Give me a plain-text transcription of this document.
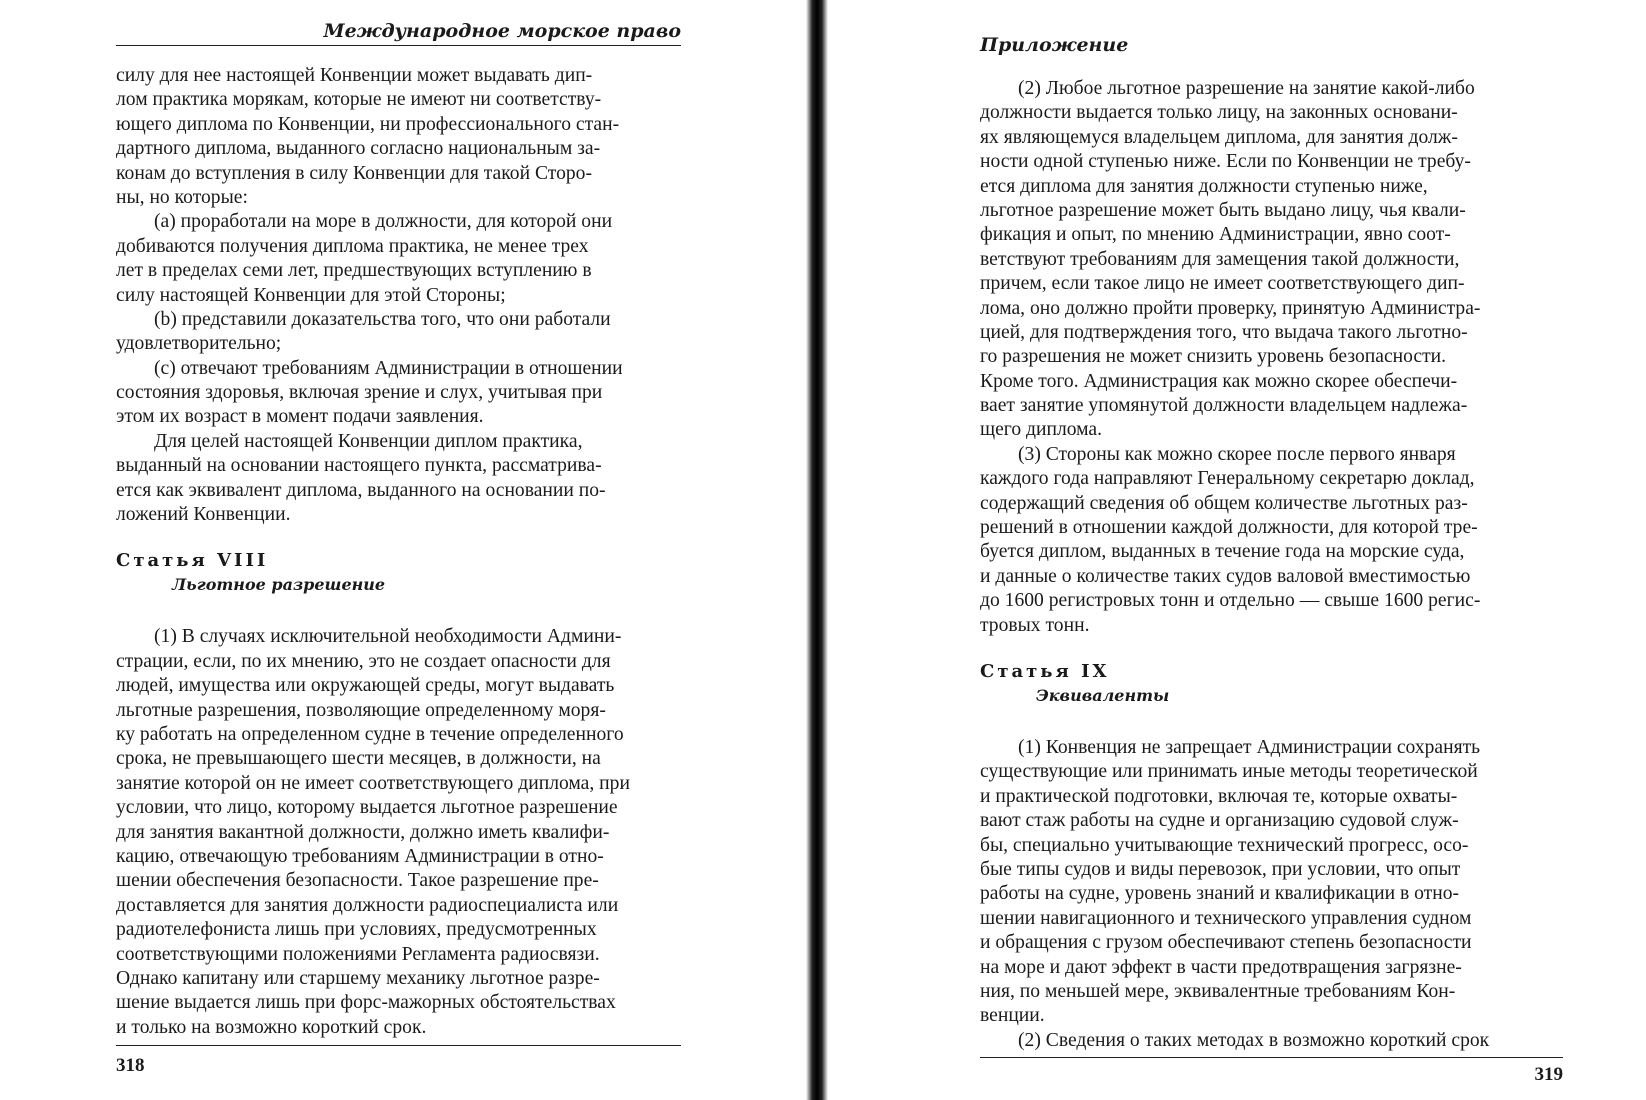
Международное морское право
силу для нее настоящей Конвенции может выдавать дип-
лом практика морякам, которые не имеют ни соответству-
ющего диплома по Конвенции, ни профессионального стан-
дартного диплома, выданного согласно национальным за-
конам до вступления в силу Конвенции для такой Сторо-
ны, но которые:
(а) проработали на море в должности, для которой они
добиваются получения диплома практика, не менее трех
лет в пределах семи лет, предшествующих вступлению в
силу настоящей Конвенции для этой Стороны;
(b) представили доказательства того, что они работали
удовлетворительно;
(с) отвечают требованиям Администрации в отношении
состояния здоровья, включая зрение и слух, учитывая при
этом их возраст в момент подачи заявления.
Для целей настоящей Конвенции диплом практика,
выданный на основании настоящего пункта, рассматрива-
ется как эквивалент диплома, выданного на основании по-
ложений Конвенции.
Статья VIII
Льготное разрешение
(1) В случаях исключительной необходимости Админи-
страции, если, по их мнению, это не создает опасности для
людей, имущества или окружающей среды, могут выдавать
льготные разрешения, позволяющие определенному моря-
ку работать на определенном судне в течение определенного
срока, не превышающего шести месяцев, в должности, на
занятие которой он не имеет соответствующего диплома, при
условии, что лицо, которому выдается льготное разрешение
для занятия вакантной должности, должно иметь квалифи-
кацию, отвечающую требованиям Администрации в отно-
шении обеспечения безопасности. Такое разрешение пре-
доставляется для занятия должности радиоспециалиста или
радиотелефониста лишь при условиях, предусмотренных
соответствующими положениями Регламента радиосвязи.
Однако капитану или старшему механику льготное разре-
шение выдается лишь при форс-мажорных обстоятельствах
и только на возможно короткий срок.
318
Приложение
(2) Любое льготное разрешение на занятие какой-либо
должности выдается только лицу, на законных основани-
ях являющемуся владельцем диплома, для занятия долж-
ности одной ступенью ниже. Если по Конвенции не требу-
ется диплома для занятия должности ступенью ниже,
льготное разрешение может быть выдано лицу, чья квали-
фикация и опыт, по мнению Администрации, явно соот-
ветствуют требованиям для замещения такой должности,
причем, если такое лицо не имеет соответствующего дип-
лома, оно должно пройти проверку, принятую Администра-
цией, для подтверждения того, что выдача такого льготно-
го разрешения не может снизить уровень безопасности.
Кроме того. Администрация как можно скорее обеспечи-
вает занятие упомянутой должности владельцем надлежа-
щего диплома.
(3) Стороны как можно скорее после первого января
каждого года направляют Генеральному секретарю доклад,
содержащий сведения об общем количестве льготных раз-
решений в отношении каждой должности, для которой тре-
буется диплом, выданных в течение года на морские суда,
и данные о количестве таких судов валовой вместимостью
до 1600 регистровых тонн и отдельно — свыше 1600 регис-
тровых тонн.
Статья IX
Эквиваленты
(1) Конвенция не запрещает Администрации сохранять
существующие или принимать иные методы теоретической
и практической подготовки, включая те, которые охваты-
вают стаж работы на судне и организацию судовой служ-
бы, специально учитывающие технический прогресс, осо-
бые типы судов и виды перевозок, при условии, что опыт
работы на судне, уровень знаний и квалификации в отно-
шении навигационного и технического управления судном
и обращения с грузом обеспечивают степень безопасности
на море и дают эффект в части предотвращения загрязне-
ния, по меньшей мере, эквивалентные требованиям Кон-
венции.
(2) Сведения о таких методах в возможно короткий срок
319
